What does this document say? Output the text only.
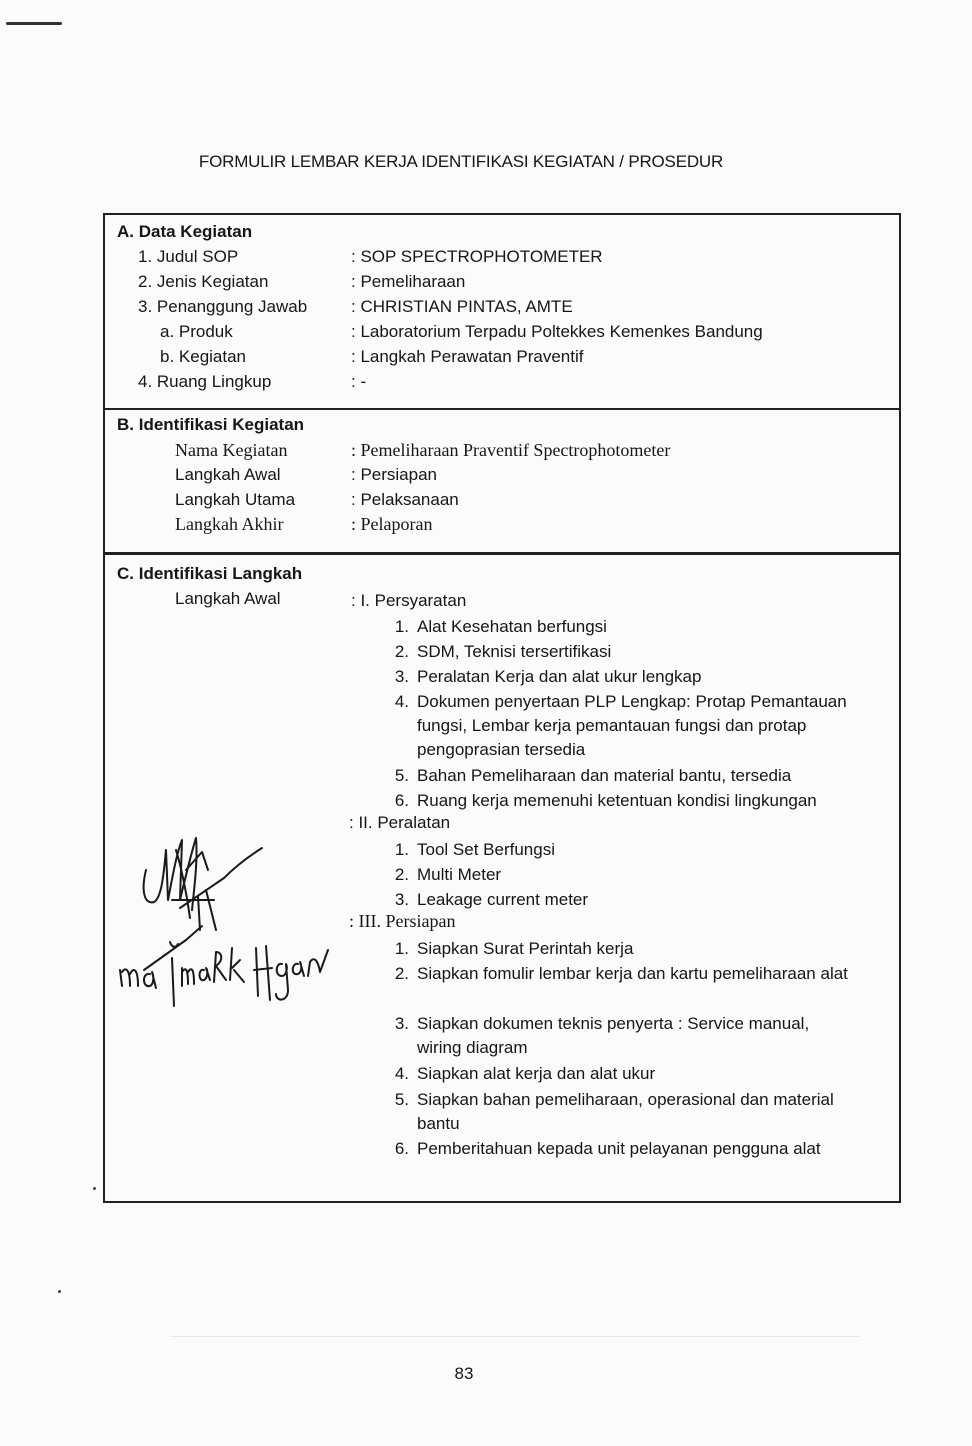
FORMULIR LEMBAR KERJA IDENTIFIKASI KEGIATAN / PROSEDUR
A. Data Kegiatan
1. Judul SOP	: SOP SPECTROPHOTOMETER
2. Jenis Kegiatan	: Pemeliharaan
3. Penanggung Jawab	: CHRISTIAN PINTAS, AMTE
a. Produk	: Laboratorium Terpadu Poltekkes Kemenkes Bandung
b. Kegiatan	: Langkah Perawatan Praventif
4. Ruang Lingkup	: -
B. Identifikasi Kegiatan
Nama Kegiatan	: Pemeliharaan Praventif Spectrophotometer
Langkah Awal	: Persiapan
Langkah Utama	: Pelaksanaan
Langkah Akhir	: Pelaporan
C. Identifikasi Langkah
Langkah Awal	: I. Persyaratan
1. Alat Kesehatan berfungsi
2. SDM, Teknisi tersertifikasi
3. Peralatan Kerja dan alat ukur lengkap
4. Dokumen penyertaan PLP Lengkap: Protap Pemantauan fungsi, Lembar kerja pemantauan fungsi dan protap pengoprasian tersedia
5. Bahan Pemeliharaan dan material bantu, tersedia
6. Ruang kerja memenuhi ketentuan kondisi lingkungan
: II. Peralatan
1. Tool Set Berfungsi
2. Multi Meter
3. Leakage current meter
: III. Persiapan
1. Siapkan Surat Perintah kerja
2. Siapkan fomulir lembar kerja dan kartu pemeliharaan alat
3. Siapkan dokumen teknis penyerta : Service manual, wiring diagram
4. Siapkan alat kerja dan alat ukur
5. Siapkan bahan pemeliharaan, operasional dan material bantu
6. Pemberitahuan kepada unit pelayanan pengguna alat
83
